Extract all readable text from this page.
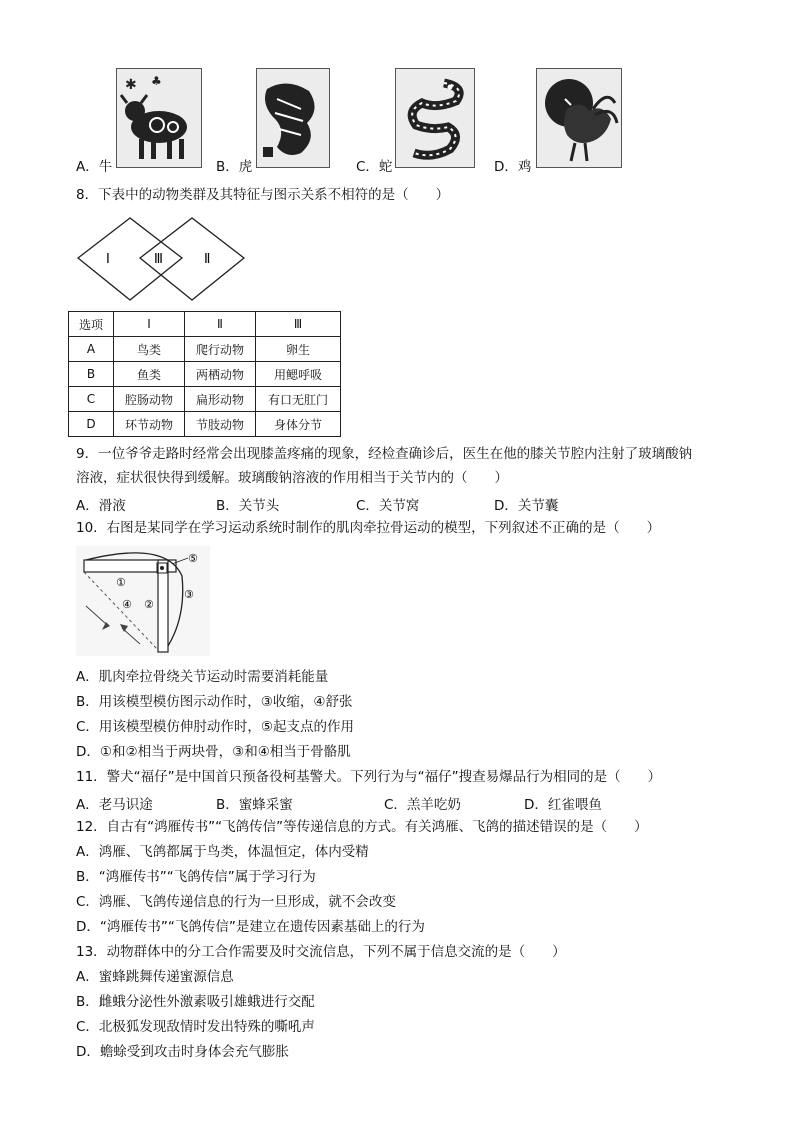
✱ ♣
A．牛	B．虎	C．蛇	D．鸡
8．下表中的动物类群及其特征与图示关系不相符的是（　　）
Ⅰ	Ⅲ	Ⅱ
选项	Ⅰ	Ⅱ	Ⅲ
A	鸟类	爬行动物	卵生
B	鱼类	两栖动物	用鳃呼吸
C	腔肠动物	扁形动物	有口无肛门
D	环节动物	节肢动物	身体分节
9．一位爷爷走路时经常会出现膝盖疼痛的现象，经检查确诊后，医生在他的膝关节腔内注射了玻璃酸钠
溶液，症状很快得到缓解。玻璃酸钠溶液的作用相当于关节内的（　　）
A．滑液	B．关节头	C．关节窝	D．关节囊
10．右图是某同学在学习运动系统时制作的肌肉牵拉骨运动的模型，下列叙述不正确的是（　　）
⑤
①
④ ②
③
A．肌肉牵拉骨绕关节运动时需要消耗能量
B．用该模型模仿图示动作时，③收缩，④舒张
C．用该模型模仿伸肘动作时，⑤起支点的作用
D．①和②相当于两块骨，③和④相当于骨骼肌
11．警犬“福仔”是中国首只预备役柯基警犬。下列行为与“福仔”搜查易爆品行为相同的是（　　）
A．老马识途	B．蜜蜂采蜜	C．羔羊吃奶	D．红雀喂鱼
12．自古有“鸿雁传书”“飞鸽传信”等传递信息的方式。有关鸿雁、飞鸽的描述错误的是（　　）
A．鸿雁、飞鸽都属于鸟类，体温恒定，体内受精
B．“鸿雁传书”“飞鸽传信”属于学习行为
C．鸿雁、飞鸽传递信息的行为一旦形成，就不会改变
D．“鸿雁传书”“飞鸽传信”是建立在遗传因素基础上的行为
13．动物群体中的分工合作需要及时交流信息，下列不属于信息交流的是（　　）
A．蜜蜂跳舞传递蜜源信息
B．雌蛾分泌性外激素吸引雄蛾进行交配
C．北极狐发现敌情时发出特殊的嘶吼声
D．蟾蜍受到攻击时身体会充气膨胀
